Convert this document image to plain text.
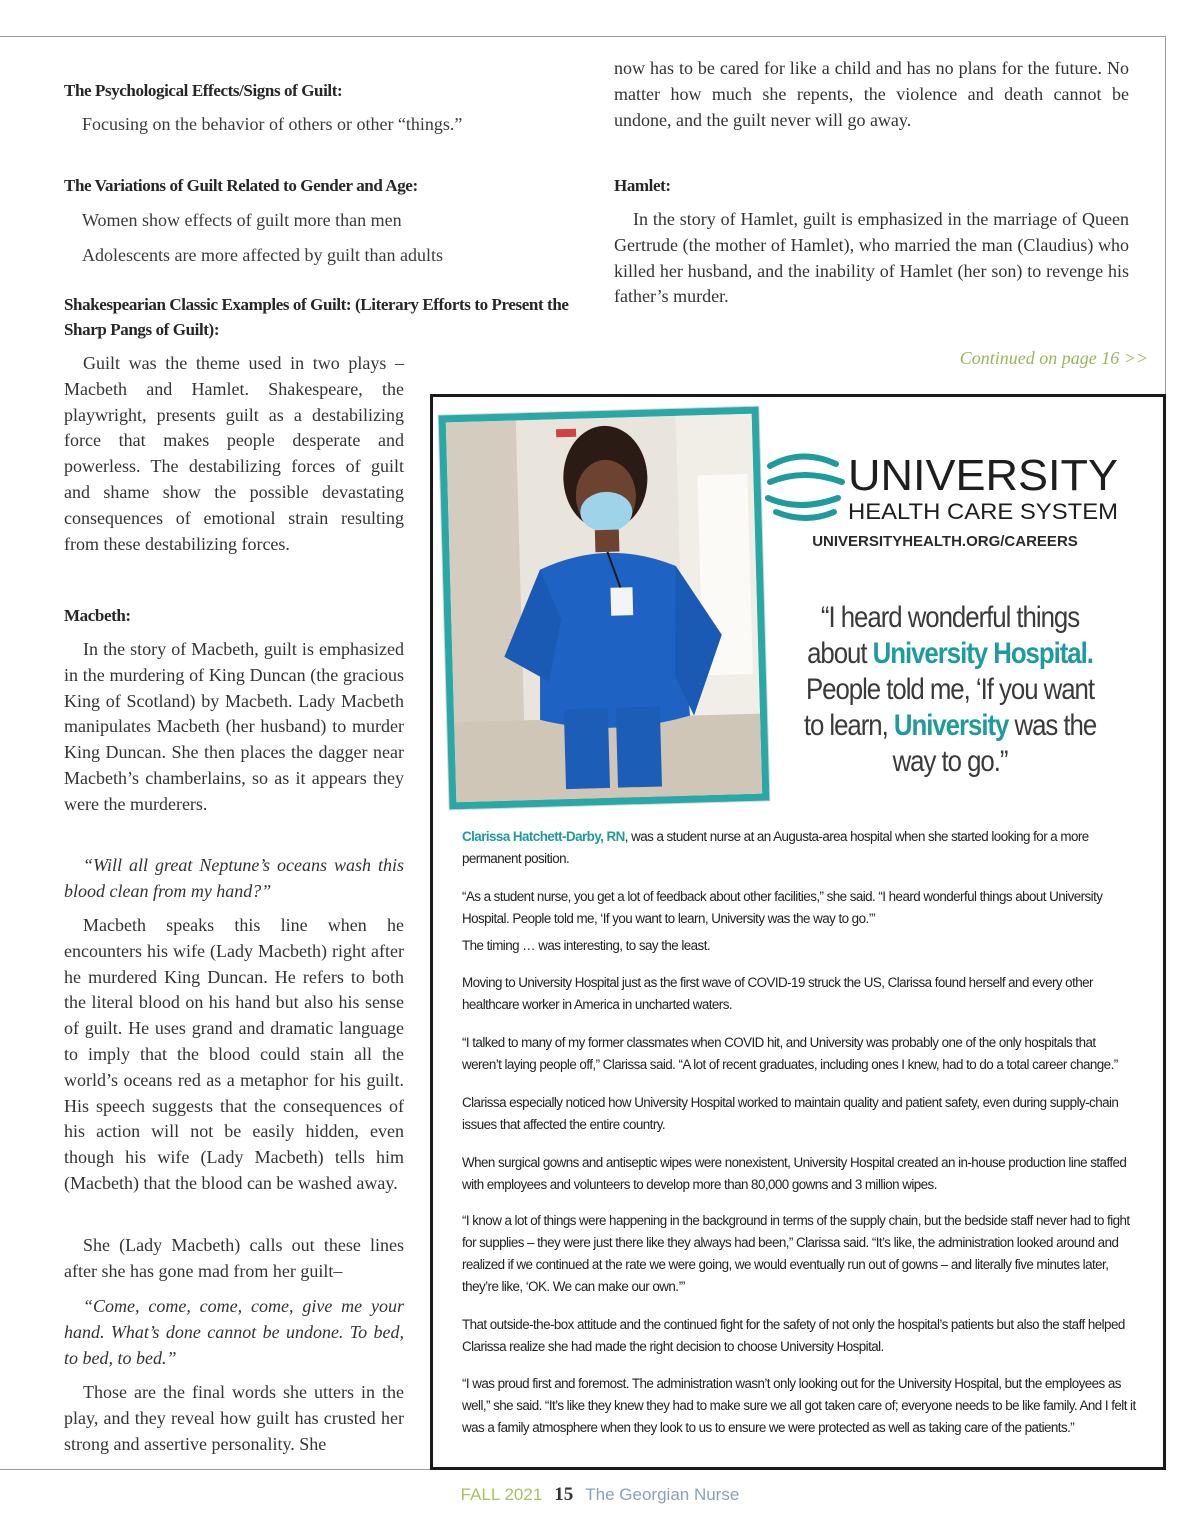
The Psychological Effects/Signs of Guilt:
Focusing on the behavior of others or other “things.”
The Variations of Guilt Related to Gender and Age:
Women show effects of guilt more than men
Adolescents are more affected by guilt than adults
Shakespearian Classic Examples of Guilt: (Literary Efforts to Present the Sharp Pangs of Guilt):

Guilt was the theme used in two plays – Macbeth and Hamlet. Shakespeare, the playwright, presents guilt as a destabilizing force that makes people desperate and powerless. The destabilizing forces of guilt and shame show the possible devastating consequences of emotional strain resulting from these destabilizing forces.

Macbeth:

In the story of Macbeth, guilt is emphasized in the murdering of King Duncan (the gracious King of Scotland) by Macbeth. Lady Macbeth manipulates Macbeth (her husband) to murder King Duncan. She then places the dagger near Macbeth’s chamberlains, so as it appears they were the murderers.

“Will all great Neptune’s oceans wash this blood clean from my hand?”

Macbeth speaks this line when he encounters his wife (Lady Macbeth) right after he murdered King Duncan. He refers to both the literal blood on his hand but also his sense of guilt. He uses grand and dramatic language to imply that the blood could stain all the world’s oceans red as a metaphor for his guilt. His speech suggests that the consequences of his action will not be easily hidden, even though his wife (Lady Macbeth) tells him (Macbeth) that the blood can be washed away.

She (Lady Macbeth) calls out these lines after she has gone mad from her guilt–

“Come, come, come, come, give me your hand. What’s done cannot be undone. To bed, to bed, to bed.”

Those are the final words she utters in the play, and they reveal how guilt has crusted her strong and assertive personality. She

now has to be cared for like a child and has no plans for the future. No matter how much she repents, the violence and death cannot be undone, and the guilt never will go away.

Hamlet:

In the story of Hamlet, guilt is emphasized in the marriage of Queen Gertrude (the mother of Hamlet), who married the man (Claudius) who killed her husband, and the inability of Hamlet (her son) to revenge his father’s murder.

Continued on page 16 >>
UNIVERSITY
HEALTH CARE SYSTEM
UNIVERSITYHEALTH.ORG/CAREERS
“I heard wonderful things about University Hospital. People told me, ‘If you want to learn, University was the way to go.”

Clarissa Hatchett-Darby, RN, was a student nurse at an Augusta-area hospital when she started looking for a more permanent position.

“As a student nurse, you get a lot of feedback about other facilities,” she said. “I heard wonderful things about University Hospital. People told me, ‘If you want to learn, University was the way to go.’”

The timing … was interesting, to say the least.

Moving to University Hospital just as the first wave of COVID-19 struck the US, Clarissa found herself and every other healthcare worker in America in uncharted waters.

“I talked to many of my former classmates when COVID hit, and University was probably one of the only hospitals that weren’t laying people off,” Clarissa said. “A lot of recent graduates, including ones I knew, had to do a total career change.”

Clarissa especially noticed how University Hospital worked to maintain quality and patient safety, even during supply-chain issues that affected the entire country.

When surgical gowns and antiseptic wipes were nonexistent, University Hospital created an in-house production line staffed with employees and volunteers to develop more than 80,000 gowns and 3 million wipes.

“I know a lot of things were happening in the background in terms of the supply chain, but the bedside staff never had to fight for supplies – they were just there like they always had been,” Clarissa said. “It’s like, the administration looked around and realized if we continued at the rate we were going, we would eventually run out of gowns – and literally five minutes later, they’re like, ‘OK. We can make our own.’”

That outside-the-box attitude and the continued fight for the safety of not only the hospital’s patients but also the staff helped Clarissa realize she had made the right decision to choose University Hospital.

“I was proud first and foremost. The administration wasn’t only looking out for the University Hospital, but the employees as well,” she said. “It’s like they knew they had to make sure we all got taken care of; everyone needs to be like family. And I felt it was a family atmosphere when they look to us to ensure we were protected as well as taking care of the patients.”

FALL 2021 15 The Georgian Nurse
